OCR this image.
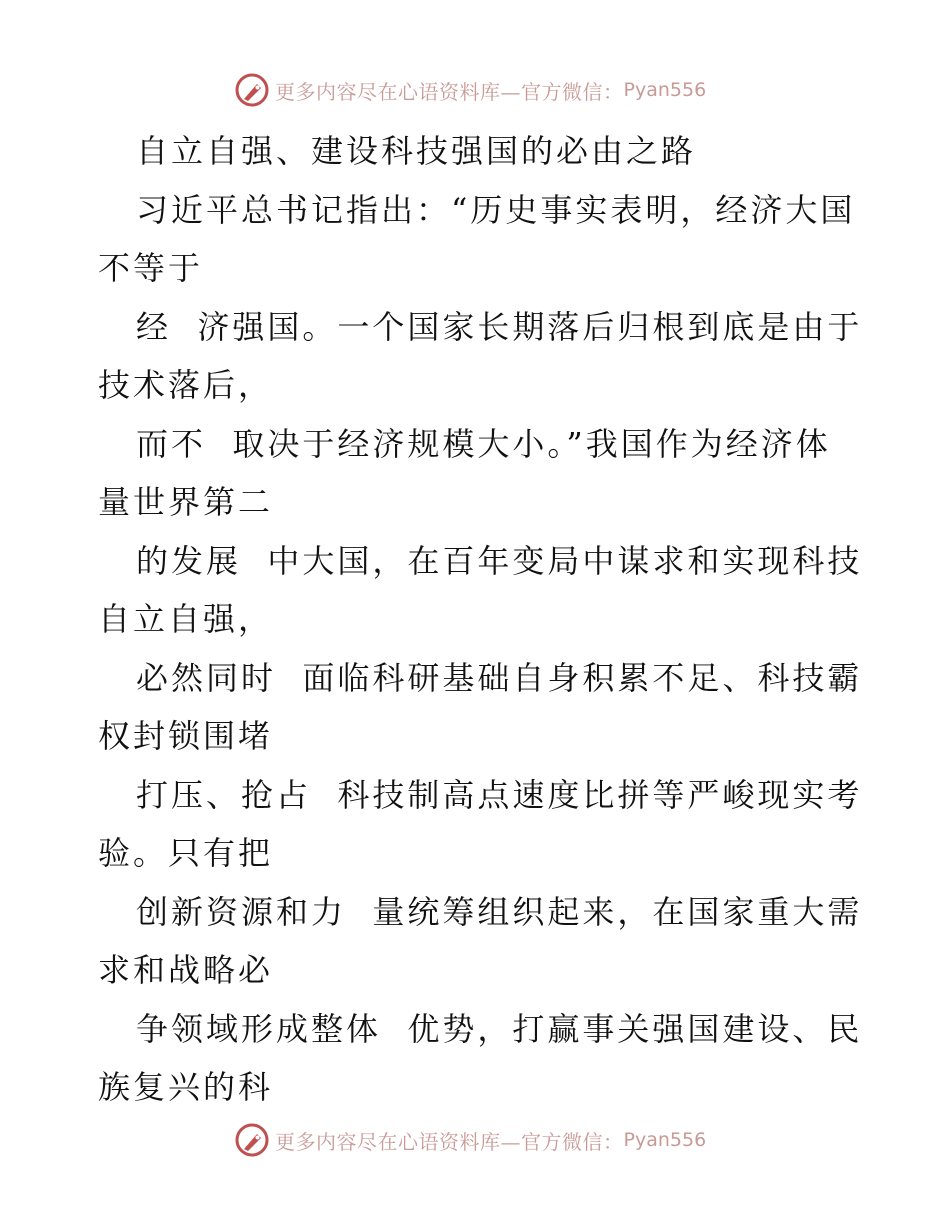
更多内容尽在心语资料库—官方微信： Pyan556
自立自强、建设科技强国的必由之路
习近平总书记指出：“历史事实表明，经济大国
不等于
经  济强国。一个国家长期落后归根到底是由于
技术落后，
而不  取决于经济规模大小。”我国作为经济体
量世界第二
的发展  中大国，在百年变局中谋求和实现科技
自立自强，
必然同时  面临科研基础自身积累不足、科技霸
权封锁围堵
打压、抢占  科技制高点速度比拼等严峻现实考
验。只有把
创新资源和力  量统筹组织起来，在国家重大需
求和战略必
争领域形成整体  优势，打赢事关强国建设、民
族复兴的科
更多内容尽在心语资料库—官方微信： Pyan556
